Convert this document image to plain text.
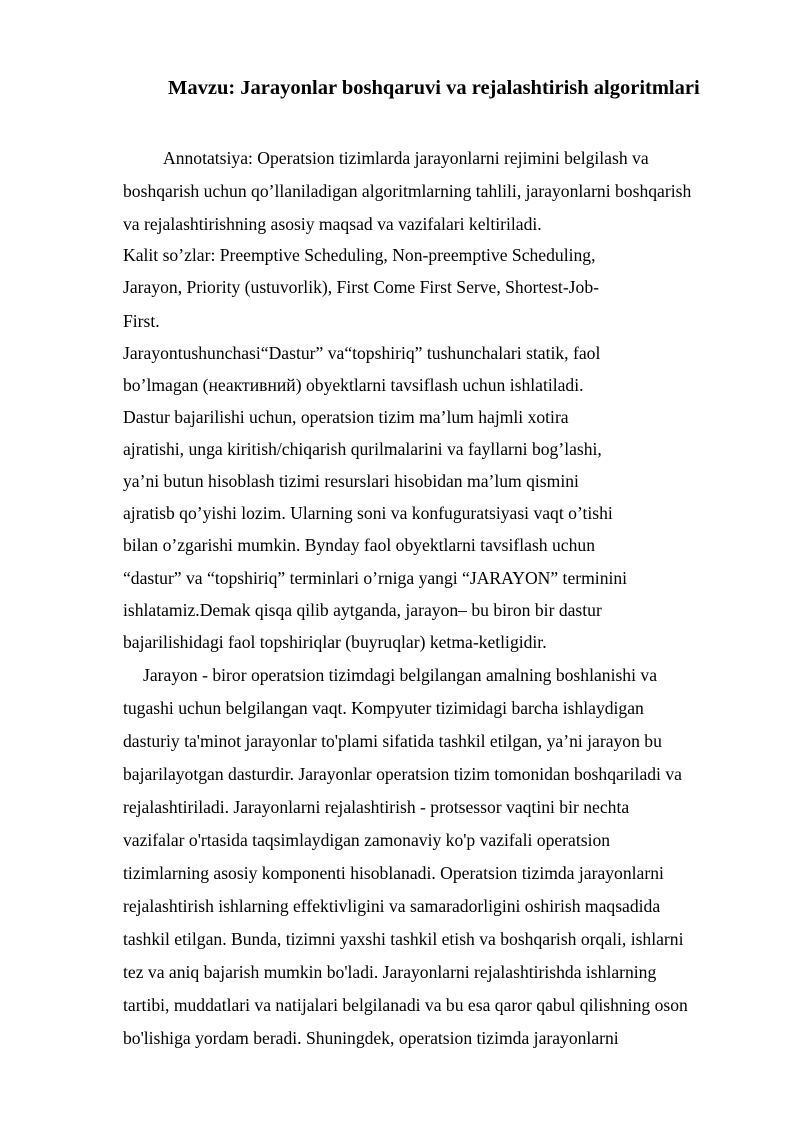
Mavzu: Jarayonlar boshqaruvi va rejalashtirish algoritmlari
Annotatsiya: Operatsion tizimlarda jarayonlarni rejimini belgilash va
boshqarish uchun qo’llaniladigan algoritmlarning tahlili, jarayonlarni boshqarish
va rejalashtirishning asosiy maqsad va vazifalari keltiriladi.
Kalit so’zlar: Preemptive Scheduling, Non-preemptive Scheduling,
Jarayon, Priority (ustuvorlik), First Come First Serve, Shortest-Job-
First.
Jarayontushunchasi“Dastur” va“topshiriq” tushunchalari statik, faol
bo’lmagan (неактивний) obyektlarni tavsiflash uchun ishlatiladi.
Dastur bajarilishi uchun, operatsion tizim ma’lum hajmli xotira
ajratishi, unga kiritish/chiqarish qurilmalarini va fayllarni bog’lashi,
ya’ni butun hisoblash tizimi resurslari hisobidan ma’lum qismini
ajratisb qo’yishi lozim. Ularning soni va konfuguratsiyasi vaqt o’tishi
bilan o’zgarishi mumkin. Bynday faol obyektlarni tavsiflash uchun
“dastur” va “topshiriq” terminlari o’rniga yangi “JARAYON” terminini
ishlatamiz.Demak qisqa qilib aytganda, jarayon– bu biron bir dastur
bajarilishidagi faol topshiriqlar (buyruqlar) ketma-ketligidir.
Jarayon - biror operatsion tizimdagi belgilangan amalning boshlanishi va
tugashi uchun belgilangan vaqt. Kompyuter tizimidagi barcha ishlaydigan
dasturiy ta'minot jarayonlar to'plami sifatida tashkil etilgan, ya’ni jarayon bu
bajarilayotgan dasturdir. Jarayonlar operatsion tizim tomonidan boshqariladi va
rejalashtiriladi. Jarayonlarni rejalashtirish - protsessor vaqtini bir nechta
vazifalar o'rtasida taqsimlaydigan zamonaviy ko'p vazifali operatsion
tizimlarning asosiy komponenti hisoblanadi. Operatsion tizimda jarayonlarni
rejalashtirish ishlarning effektivligini va samaradorligini oshirish maqsadida
tashkil etilgan. Bunda, tizimni yaxshi tashkil etish va boshqarish orqali, ishlarni
tez va aniq bajarish mumkin bo'ladi. Jarayonlarni rejalashtirishda ishlarning
tartibi, muddatlari va natijalari belgilanadi va bu esa qaror qabul qilishning oson
bo'lishiga yordam beradi. Shuningdek, operatsion tizimda jarayonlarni
